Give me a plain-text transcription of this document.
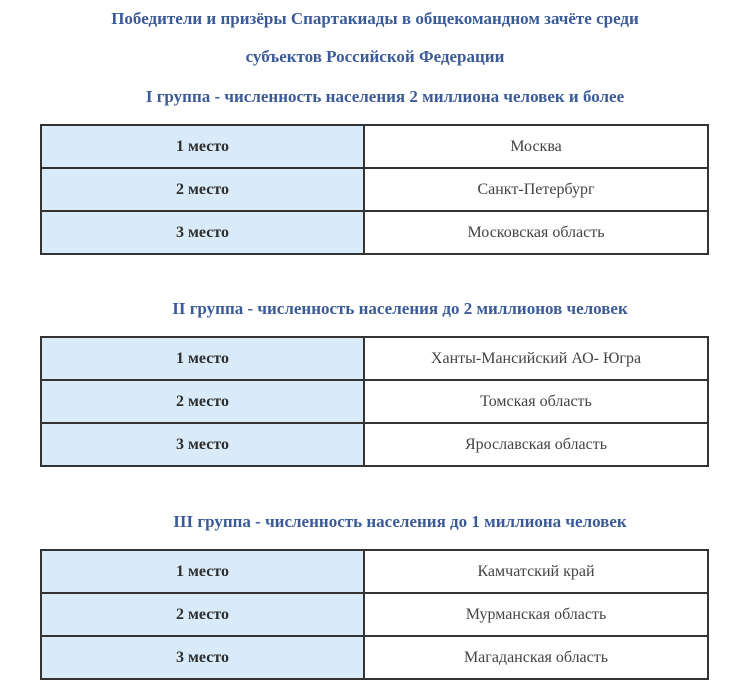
Победители и призёры Спартакиады в общекомандном зачёте среди
субъектов Российской Федерации
I группа - численность населения 2 миллиона человек и более
1 место	Москва
2 место	Санкт-Петербург
3 место	Московская область
II группа - численность населения до 2 миллионов человек
1 место	Ханты-Мансийский АО- Югра
2 место	Томская область
3 место	Ярославская область
III группа - численность населения до 1 миллиона человек
1 место	Камчатский край
2 место	Мурманская область
3 место	Магаданская область
